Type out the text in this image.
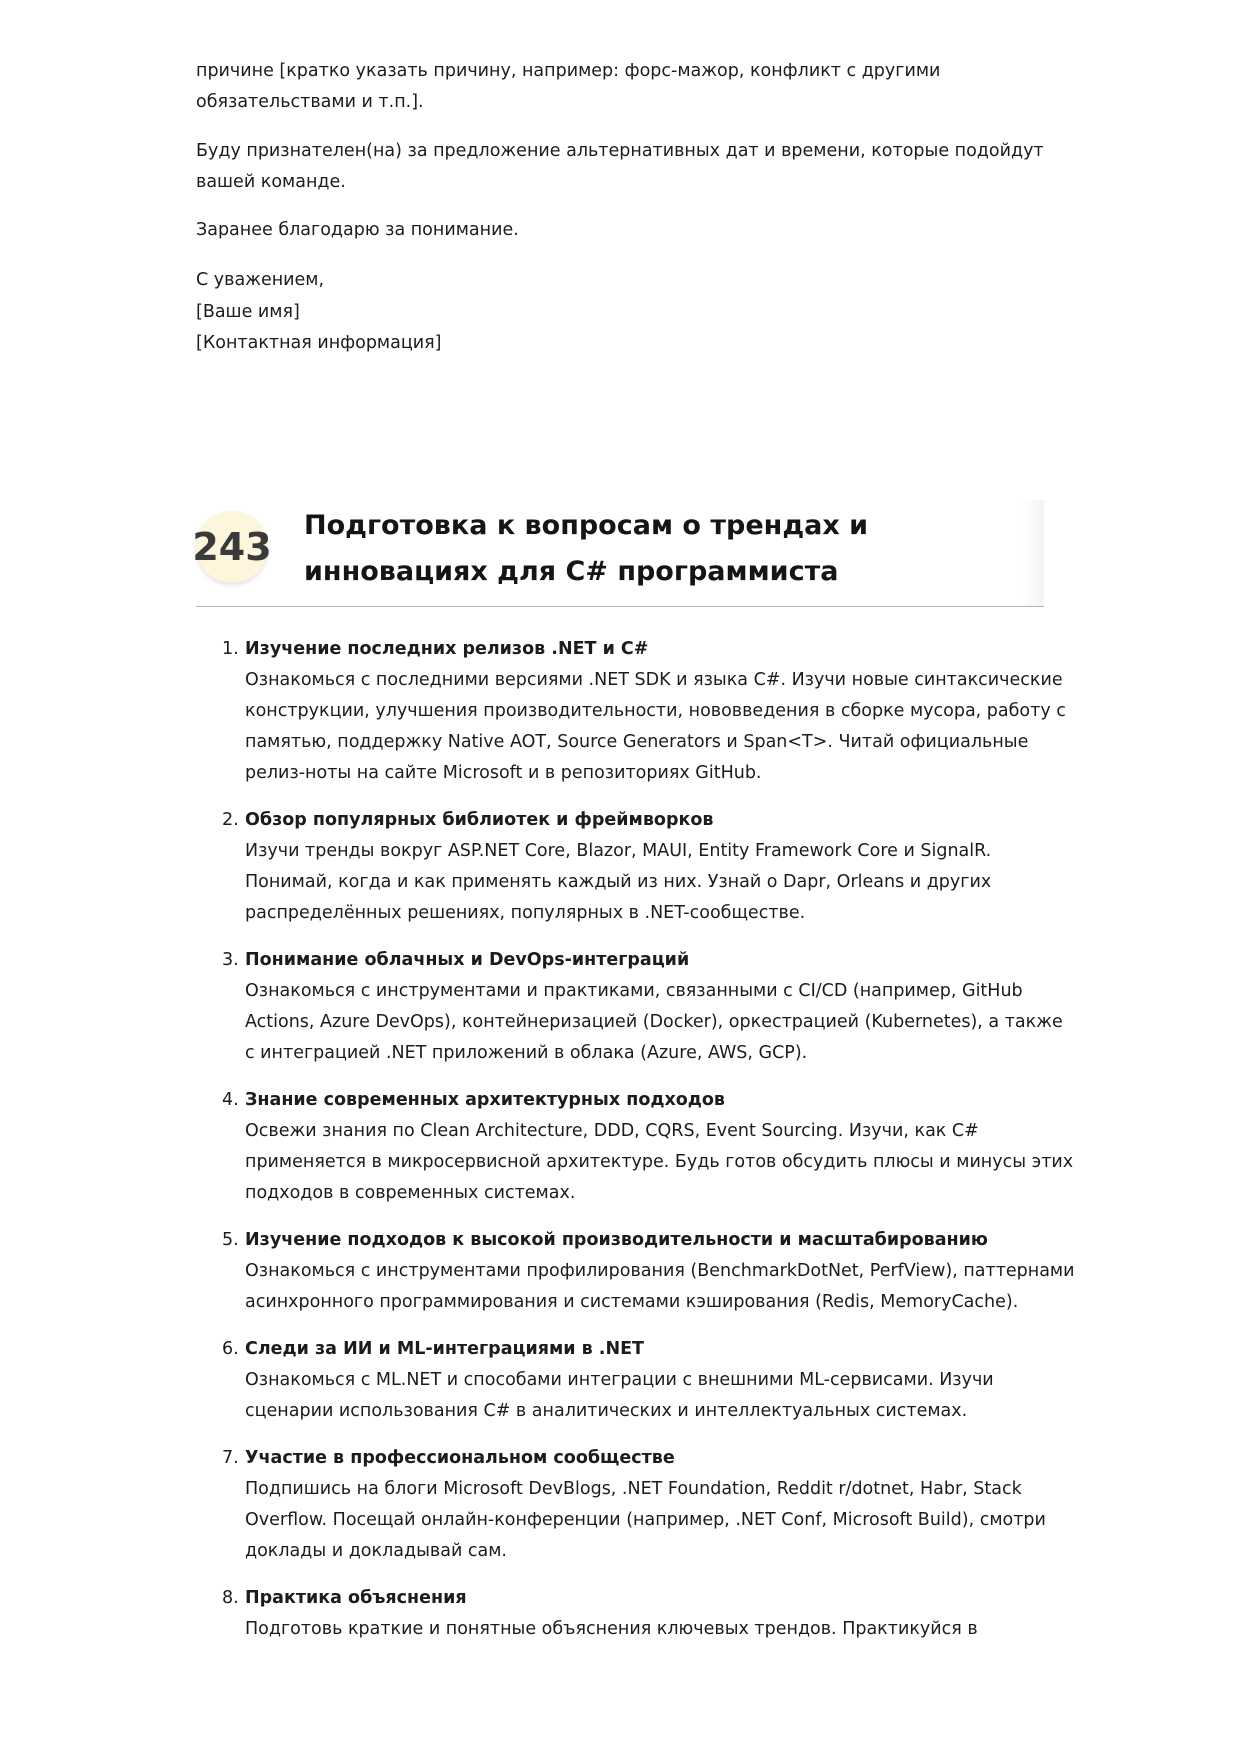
причине [кратко указать причину, например: форс-мажор, конфликт с другими обязательствами и т.п.].

Буду признателен(на) за предложение альтернативных дат и времени, которые подойдут вашей команде.

Заранее благодарю за понимание.

С уважением,
[Ваше имя]
[Контактная информация]

243 Подготовка к вопросам о трендах и инновациях для C# программиста
1. Изучение последних релизов .NET и C#
Ознакомься с последними версиями .NET SDK и языка C#. Изучи новые синтаксические конструкции, улучшения производительности, нововведения в сборке мусора, работу с памятью, поддержку Native AOT, Source Generators и Span<T>. Читай официальные релиз-ноты на сайте Microsoft и в репозиториях GitHub.
2. Обзор популярных библиотек и фреймворков
Изучи тренды вокруг ASP.NET Core, Blazor, MAUI, Entity Framework Core и SignalR. Понимай, когда и как применять каждый из них. Узнай о Dapr, Orleans и других распределённых решениях, популярных в .NET-сообществе.
3. Понимание облачных и DevOps-интеграций
Ознакомься с инструментами и практиками, связанными с CI/CD (например, GitHub Actions, Azure DevOps), контейнеризацией (Docker), оркестрацией (Kubernetes), а также с интеграцией .NET приложений в облака (Azure, AWS, GCP).
4. Знание современных архитектурных подходов
Освежи знания по Clean Architecture, DDD, CQRS, Event Sourcing. Изучи, как C# применяется в микросервисной архитектуре. Будь готов обсудить плюсы и минусы этих подходов в современных системах.
5. Изучение подходов к высокой производительности и масштабированию
Ознакомься с инструментами профилирования (BenchmarkDotNet, PerfView), паттернами асинхронного программирования и системами кэширования (Redis, MemoryCache).
6. Следи за ИИ и ML-интеграциями в .NET
Ознакомься с ML.NET и способами интеграции с внешними ML-сервисами. Изучи сценарии использования C# в аналитических и интеллектуальных системах.
7. Участие в профессиональном сообществе
Подпишись на блоги Microsoft DevBlogs, .NET Foundation, Reddit r/dotnet, Habr, Stack Overflow. Посещай онлайн-конференции (например, .NET Conf, Microsoft Build), смотри доклады и докладывай сам.
8. Практика объяснения
Подготовь краткие и понятные объяснения ключевых трендов. Практикуйся в
